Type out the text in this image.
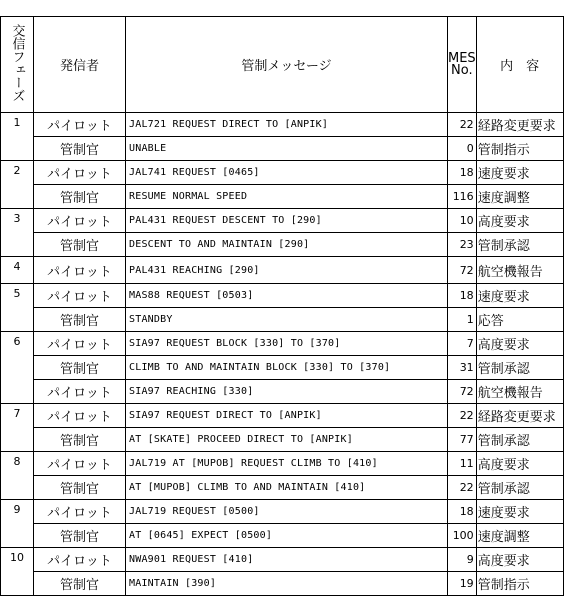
交信フェーズ	発信者	管制メッセージ	MES No.	内　容
1	パイロット	JAL721 REQUEST DIRECT TO [ANPIK]	22	経路変更要求
	管制官	UNABLE	0	管制指示
2	パイロット	JAL741 REQUEST [0465]	18	速度要求
	管制官	RESUME NORMAL SPEED	116	速度調整
3	パイロット	PAL431 REQUEST DESCENT TO [290]	10	高度要求
	管制官	DESCENT TO AND MAINTAIN [290]	23	管制承認
4	パイロット	PAL431 REACHING [290]	72	航空機報告
5	パイロット	MAS88 REQUEST [0503]	18	速度要求
	管制官	STANDBY	1	応答
6	パイロット	SIA97 REQUEST BLOCK [330] TO [370]	7	高度要求
	管制官	CLIMB TO AND MAINTAIN BLOCK [330] TO [370]	31	管制承認
	パイロット	SIA97 REACHING [330]	72	航空機報告
7	パイロット	SIA97 REQUEST DIRECT TO [ANPIK]	22	経路変更要求
	管制官	AT [SKATE] PROCEED DIRECT TO [ANPIK]	77	管制承認
8	パイロット	JAL719 AT [MUPOB] REQUEST CLIMB TO [410]	11	高度要求
	管制官	AT [MUPOB] CLIMB TO AND MAINTAIN [410]	22	管制承認
9	パイロット	JAL719 REQUEST [0500]	18	速度要求
	管制官	AT [0645] EXPECT [0500]	100	速度調整
10	パイロット	NWA901 REQUEST [410]	9	高度要求
	管制官	MAINTAIN [390]	19	管制指示
